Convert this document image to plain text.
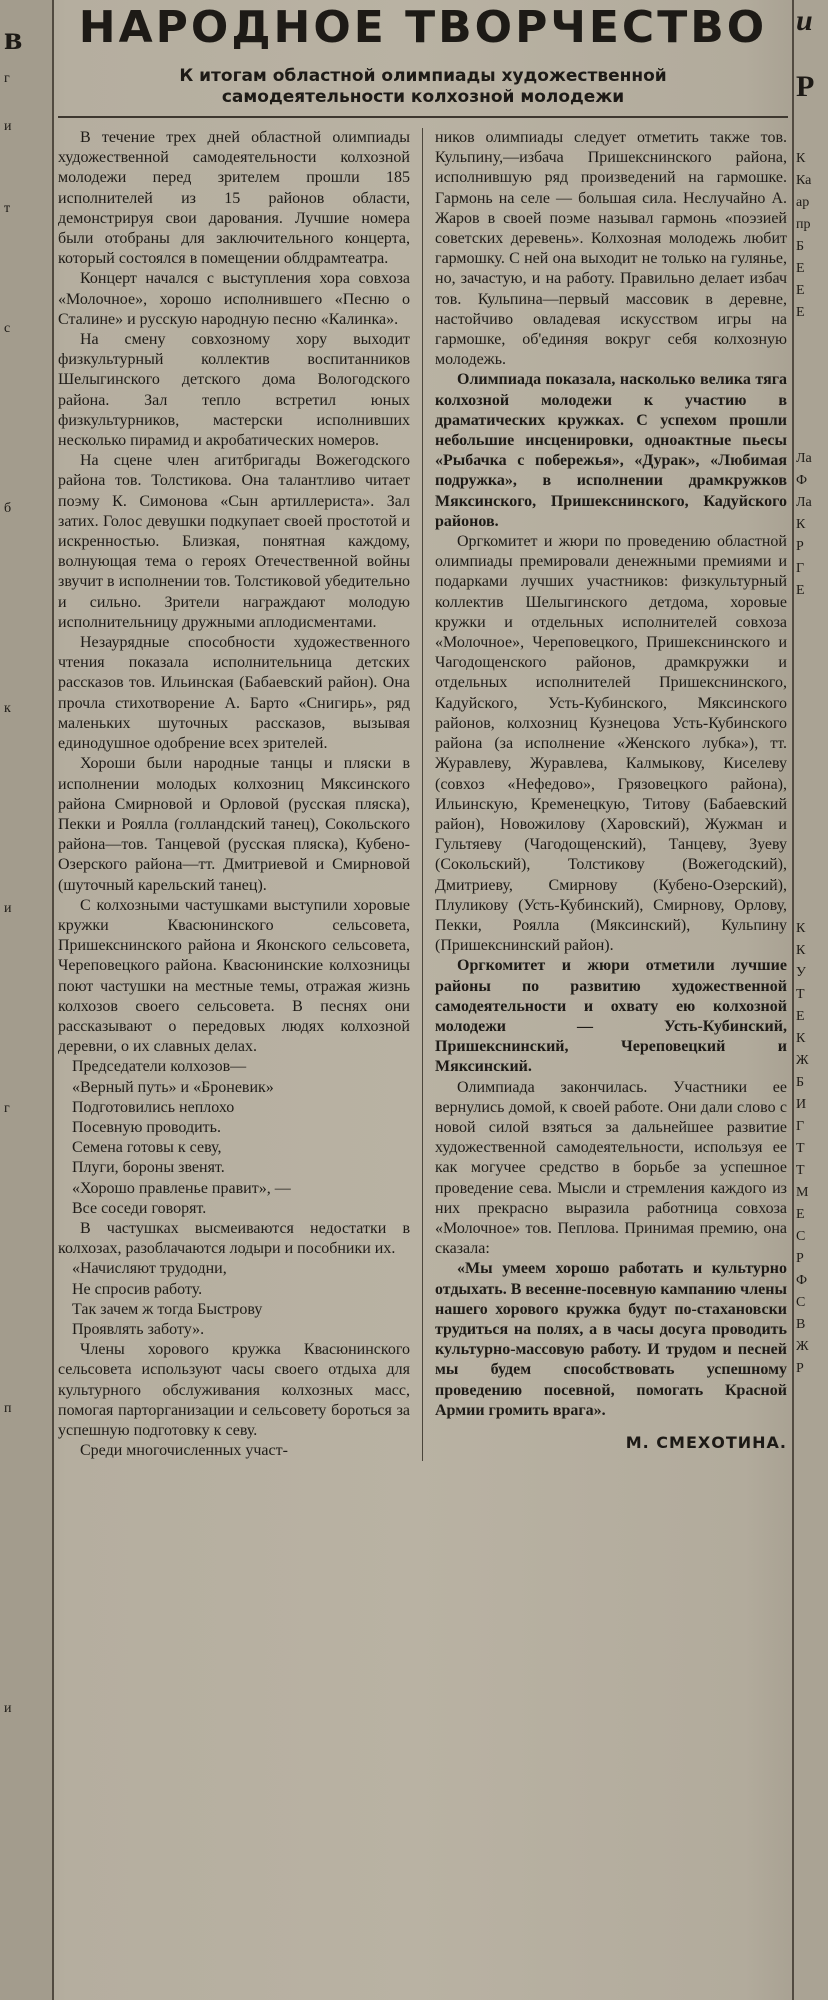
в
г
и
т
с
б
к
и
г
п
и
НАРОДНОЕ ТВОРЧЕСТВО
К итогам областной олимпиады художественной
самодеятельности колхозной молодежи

В течение трех дней областной олимпиады художественной самодеятельности колхозной молодежи перед зрителем прошли 185 исполнителей из 15 районов области, демонстрируя свои дарования. Лучшие номера были отобраны для заключительного концерта, который состоялся в помещении облдрамтеатра.

Концерт начался с выступления хора совхоза «Молочное», хорошо исполнившего «Песню о Сталине» и русскую народную песню «Калинка».

На смену совхозному хору выходит физкультурный коллектив воспитанников Шелыгинского детского дома Вологодского района. Зал тепло встретил юных физкультурников, мастерски исполнивших несколько пирамид и акробатических номеров.

На сцене член агитбригады Вожегодского района тов. Толстикова. Она талантливо читает поэму К. Симонова «Сын артиллериста». Зал затих. Голос девушки подкупает своей простотой и искренностью. Близкая, понятная каждому, волнующая тема о героях Отечественной войны звучит в исполнении тов. Толстиковой убедительно и сильно. Зрители награждают молодую исполнительницу дружными аплодисментами.

Незаурядные способности художественного чтения показала исполнительница детских рассказов тов. Ильинская (Бабаевский район). Она прочла стихотворение А. Барто «Снигирь», ряд маленьких шуточных рассказов, вызывая единодушное одобрение всех зрителей.

Хороши были народные танцы и пляски в исполнении молодых колхозниц Мяксинского района Смирновой и Орловой (русская пляска), Пекки и Роялла (голландский танец), Сокольского района—тов. Танцевой (русская пляска), Кубено-Озерского района—тт. Дмитриевой и Смирновой (шуточный карельский танец).

С колхозными частушками выступили хоровые кружки Квасюнинского сельсовета, Пришекснинского района и Яконского сельсовета, Череповецкого района. Квасюнинские колхозницы поют частушки на местные темы, отражая жизнь колхозов своего сельсовета. В песнях они рассказывают о передовых людях колхозной деревни, о их славных делах.

Председатели колхозов—

«Верный путь» и «Броневик»

Подготовились неплохо

Посевную проводить.

Семена готовы к севу,

Плуги, бороны звенят.

«Хорошо правленье правит», —

Все соседи говорят.

В частушках высмеиваются недостатки в колхозах, разоблачаются лодыри и пособники их.

«Начисляют трудодни,

Не спросив работу.

Так зачем ж тогда Быстрову

Проявлять заботу».

Члены хорового кружка Квасюнинского сельсовета используют часы своего отдыха для культурного обслуживания колхозных масс, помогая парторганизации и сельсовету бороться за успешную подготовку к севу.

Среди многочисленных участ-

ников олимпиады следует отметить также тов. Кульпину,—избача Пришекснинского района, исполнившую ряд произведений на гармошке. Гармонь на селе — большая сила. Неслучайно А. Жаров в своей поэме называл гармонь «поэзией советских деревень». Колхозная молодежь любит гармошку. С ней она выходит не только на гулянье, но, зачастую, и на работу. Правильно делает избач тов. Кульпина—первый массовик в деревне, настойчиво овладевая искусством игры на гармошке, об'единяя вокруг себя колхозную молодежь.

Олимпиада показала, насколько велика тяга колхозной молодежи к участию в драматических кружках. С успехом прошли небольшие инсценировки, одноактные пьесы «Рыбачка с побережья», «Дурак», «Любимая подружка», в исполнении драмкружков Мяксинского, Пришекснинского, Кадуйского районов.

Оргкомитет и жюри по проведению областной олимпиады премировали денежными премиями и подарками лучших участников: физкультурный коллектив Шелыгинского детдома, хоровые кружки и отдельных исполнителей совхоза «Молочное», Череповецкого, Пришекснинского и Чагодощенского районов, драмкружки и отдельных исполнителей Пришекснинского, Кадуйского, Усть-Кубинского, Мяксинского районов, колхозниц Кузнецова Усть-Кубинского района (за исполнение «Женского лубка»), тт. Журавлеву, Журавлева, Калмыкову, Киселеву (совхоз «Нефедово», Грязовецкого района), Ильинскую, Кременецкую, Титову (Бабаевский район), Новожилову (Харовский), Жужман и Гультяеву (Чагодощенский), Танцеву, Зуеву (Сокольский), Толстикову (Вожегодский), Дмитриеву, Смирнову (Кубено-Озерский), Плуликову (Усть-Кубинский), Смирнову, Орлову, Пекки, Роялла (Мяксинский), Кульпину (Пришекснинский район).

Оргкомитет и жюри отметили лучшие районы по развитию художественной самодеятельности и охвату ею колхозной молодежи — Усть-Кубинский, Пришекснинский, Череповецкий и Мяксинский.

Олимпиада закончилась. Участники ее вернулись домой, к своей работе. Они дали слово с новой силой взяться за дальнейшее развитие художественной самодеятельности, используя ее как могучее средство в борьбе за успешное проведение сева. Мысли и стремления каждого из них прекрасно выразила работница совхоза «Молочное» тов. Пеплова. Принимая премию, она сказала:

«Мы умеем хорошо работать и культурно отдыхать. В весенне-посевную кампанию члены нашего хорового кружка будут по-стахановски трудиться на полях, а в часы досуга проводить культурно-массовую работу. И трудом и песней мы будем способствовать успешному проведению посевной, помогать Красной Армии громить врага».

М. СМЕХОТИНА.
и
Р
К
Ка
ар
пр
Б
Е
Е
Е
Ла
Ф
Ла
К
Р
Г
Е
К
К
У
Т
Е
К
Ж
Б
И
Г
Т
Т
М
Е
С
Р
Ф
С
В
Ж
Р
